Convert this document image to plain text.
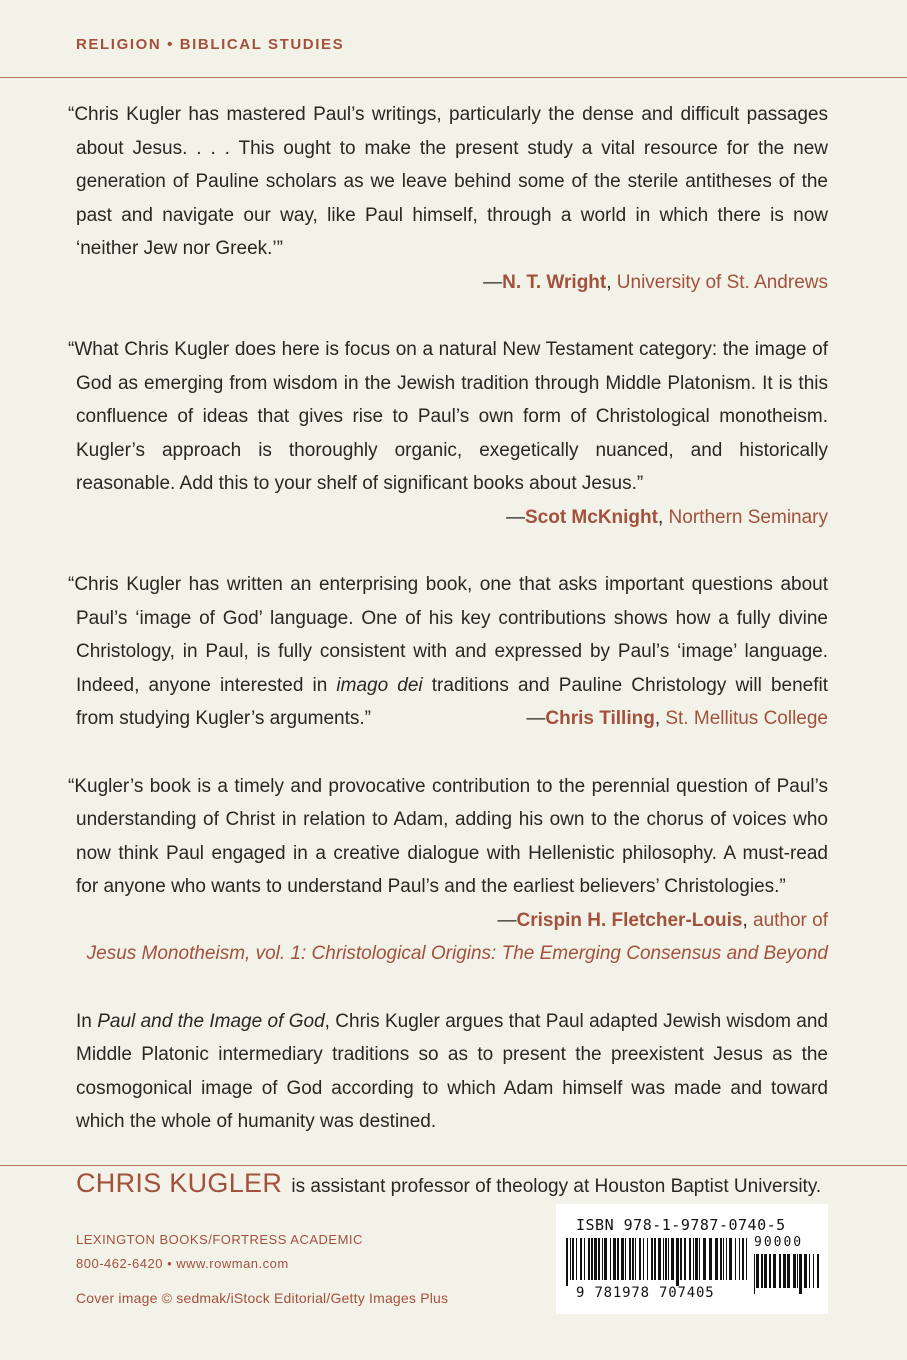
RELIGION • BIBLICAL STUDIES

“Chris Kugler has mastered Paul’s writings, particularly the dense and difficult passages about Jesus. . . . This ought to make the present study a vital resource for the new generation of Pauline scholars as we leave behind some of the sterile antitheses of the past and navigate our way, like Paul himself, through a world in which there is now ‘neither Jew nor Greek.’”

—N. T. Wright, University of St. Andrews

“What Chris Kugler does here is focus on a natural New Testament category: the image of God as emerging from wisdom in the Jewish tradition through Middle Platonism. It is this confluence of ideas that gives rise to Paul’s own form of Christological monotheism. Kugler’s approach is thoroughly organic, exegetically nuanced, and historically reasonable. Add this to your shelf of significant books about Jesus.”
—Scot McKnight, Northern Seminary

“Chris Kugler has written an enterprising book, one that asks important questions about Paul’s ‘image of God’ language. One of his key contributions shows how a fully divine Christology, in Paul, is fully consistent with and expressed by Paul’s ‘image’ language. Indeed, anyone interested in imago dei traditions and Pauline Christology will benefit from studying Kugler’s arguments.”	—Chris Tilling, St. Mellitus College

“Kugler’s book is a timely and provocative contribution to the perennial question of Paul’s understanding of Christ in relation to Adam, adding his own to the chorus of voices who now think Paul engaged in a creative dialogue with Hellenistic philosophy. A must-read for anyone who wants to understand Paul’s and the earliest believers’ Christologies.”

—Crispin H. Fletcher-Louis, author of
Jesus Monotheism, vol. 1: Christological Origins: The Emerging Consensus and Beyond

In Paul and the Image of God, Chris Kugler argues that Paul adapted Jewish wisdom and Middle Platonic intermediary traditions so as to present the preexistent Jesus as the cosmogonical image of God according to which Adam himself was made and toward which the whole of humanity was destined.

CHRIS KUGLER is assistant professor of theology at Houston Baptist University.
LEXINGTON BOOKS/FORTRESS ACADEMIC
800-462-6420 • www.rowman.com
Cover image © sedmak/iStock Editorial/Getty Images Plus
ISBN 978-1-9787-0740-5
90000
9 781978 707405
